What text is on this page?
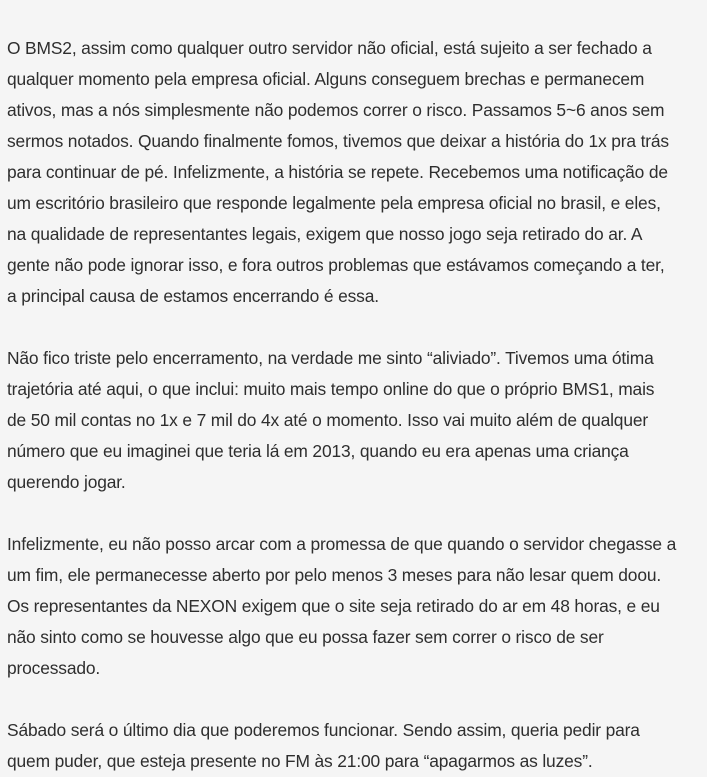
O BMS2, assim como qualquer outro servidor não oficial, está sujeito a ser fechado a
qualquer momento pela empresa oficial. Alguns conseguem brechas e permanecem
ativos, mas a nós simplesmente não podemos correr o risco. Passamos 5~6 anos sem
sermos notados. Quando finalmente fomos, tivemos que deixar a história do 1x pra trás
para continuar de pé. Infelizmente, a história se repete. Recebemos uma notificação de
um escritório brasileiro que responde legalmente pela empresa oficial no brasil, e eles,
na qualidade de representantes legais, exigem que nosso jogo seja retirado do ar. A
gente não pode ignorar isso, e fora outros problemas que estávamos começando a ter,
a principal causa de estamos encerrando é essa.

Não fico triste pelo encerramento, na verdade me sinto “aliviado”. Tivemos uma ótima
trajetória até aqui, o que inclui: muito mais tempo online do que o próprio BMS1, mais
de 50 mil contas no 1x e 7 mil do 4x até o momento. Isso vai muito além de qualquer
número que eu imaginei que teria lá em 2013, quando eu era apenas uma criança
querendo jogar.

Infelizmente, eu não posso arcar com a promessa de que quando o servidor chegasse a
um fim, ele permanecesse aberto por pelo menos 3 meses para não lesar quem doou.
Os representantes da NEXON exigem que o site seja retirado do ar em 48 horas, e eu
não sinto como se houvesse algo que eu possa fazer sem correr o risco de ser
processado.

Sábado será o último dia que poderemos funcionar. Sendo assim, queria pedir para
quem puder, que esteja presente no FM às 21:00 para “apagarmos as luzes”.
